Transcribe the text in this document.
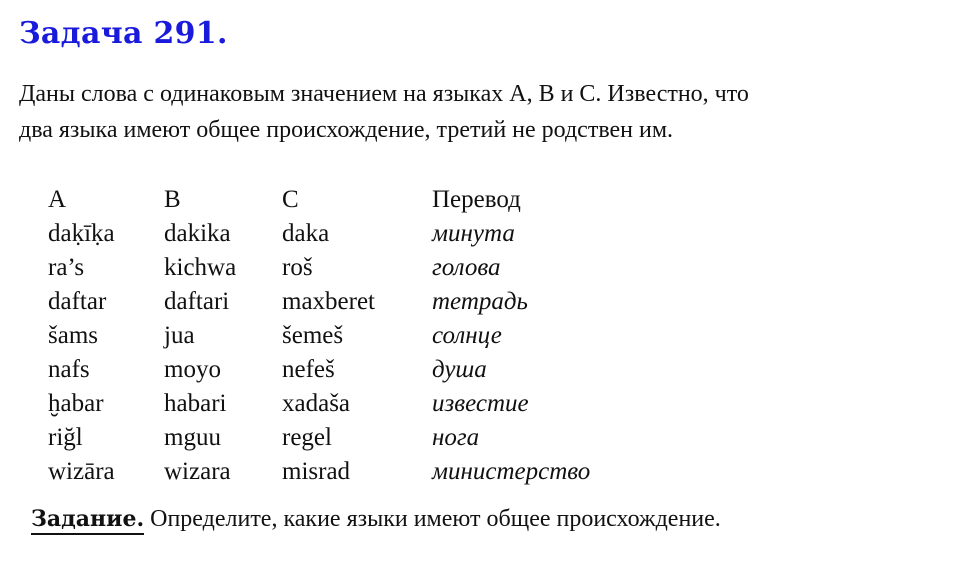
Задача 291.

Даны слова с одинаковым значением на языках A, B и C. Известно, что

два языка имеют общее происхождение, третий не родствен им.

A	B	C	Перевод
daḳīḳa	dakika	daka	минута
ra’s	kichwa	roš	голова
daftar	daftari	maxberet	тетрадь
šams	jua	šemeš	солнце
nafs	moyo	nefeš	душа
ḫabar	habari	xadaša	известие
riğl	mguu	regel	нога
wizāra	wizara	misrad	министерство
Задание. Определите, какие языки имеют общее происхождение.
